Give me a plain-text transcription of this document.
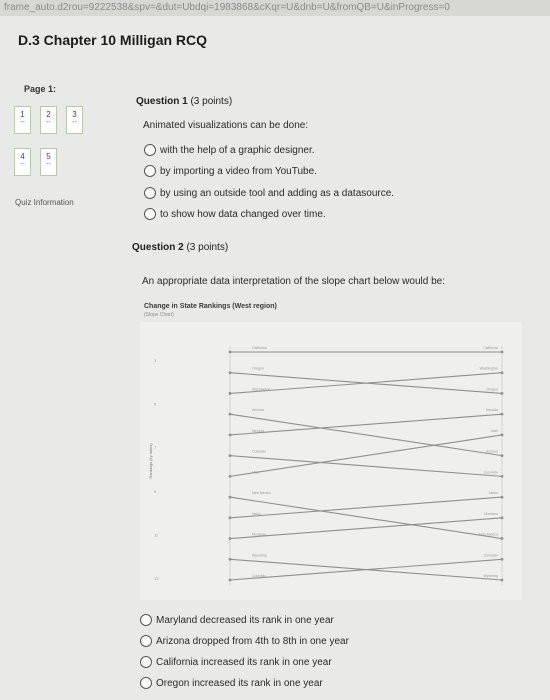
frame_auto.d2rou=9222538&spv=&dut=Ubdqi=1983868&cKqr=U&dnb=U&fromQB=U&inProgress=0
D.3 Chapter 10 Milligan RCQ
Page 1:
1
--
2
--
3
--
4
--
5
--
Quiz Information
Question 1 (3 points)
Animated visualizations can be done:
with the help of a graphic designer.
by importing a video from YouTube.
by using an outside tool and adding as a datasource.
to show how data changed over time.
Question 2 (3 points)
An appropriate data interpretation of the slope chart below would be:
Change in State Rankings (West region)
(Slope Chart)
Rankings (by sales)
3
5
7
9
11
13
California	California
Oregon
Oregon
Washington
Washington
Arizona
Arizona
Nevada
Nevada
Colorado
Colorado
Utah
Utah
New Mexico
New Mexico
Idaho
Idaho
Montana
Montana
Wyoming
Wyoming
Colorado
Colorado
Maryland decreased its rank in one year
Arizona dropped from 4th to 8th in one year
California increased its rank in one year
Oregon increased its rank in one year
